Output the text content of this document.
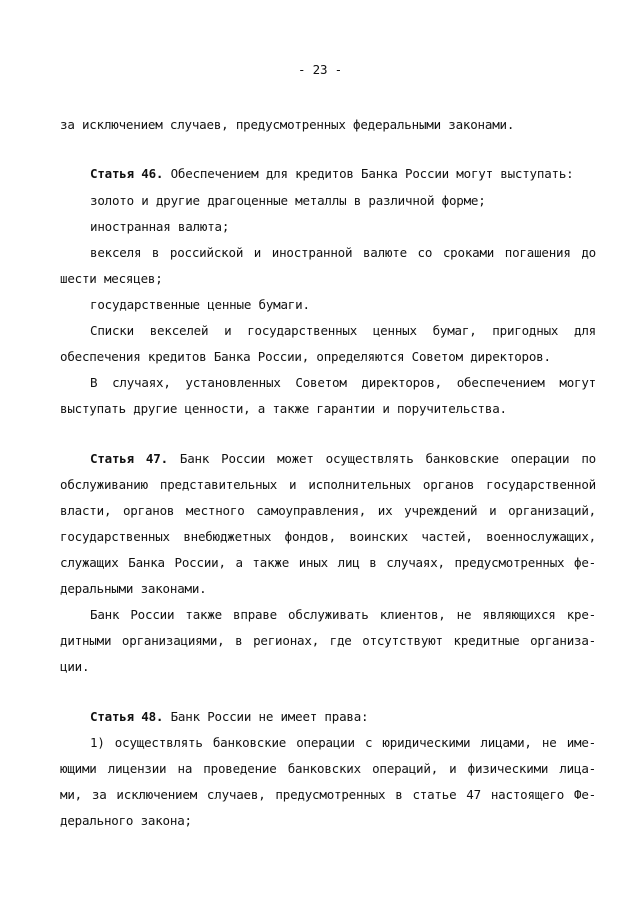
- 23 -
за исключением случаев, предусмотренных федеральными законами.
Статья 46. Обеспечением для кредитов Банка России могут выступать:
золото и другие драгоценные металлы в различной форме;
иностранная валюта;
векселя в российской и иностранной валюте со сроками погашения до
шести месяцев;
государственные ценные бумаги.
Списки векселей и государственных ценных бумаг, пригодных для
обеспечения кредитов Банка России, определяются Советом директоров.
В случаях, установленных Советом директоров, обеспечением могут
выступать другие ценности, а также гарантии и поручительства.
Статья 47. Банк России может осуществлять банковские операции по
обслуживанию представительных и исполнительных органов государственной
власти, органов местного самоуправления, их учреждений и организаций,
государственных внебюджетных фондов, воинских частей, военнослужащих,
служащих Банка России, а также иных лиц в случаях, предусмотренных фе-
деральными законами.
Банк России также вправе обслуживать клиентов, не являющихся кре-
дитными организациями, в регионах, где отсутствуют кредитные организа-
ции.
Статья 48. Банк России не имеет права:
1) осуществлять банковские операции с юридическими лицами, не име-
ющими лицензии на проведение банковских операций, и физическими лица-
ми, за исключением случаев, предусмотренных в статье 47 настоящего Фе-
дерального закона;
